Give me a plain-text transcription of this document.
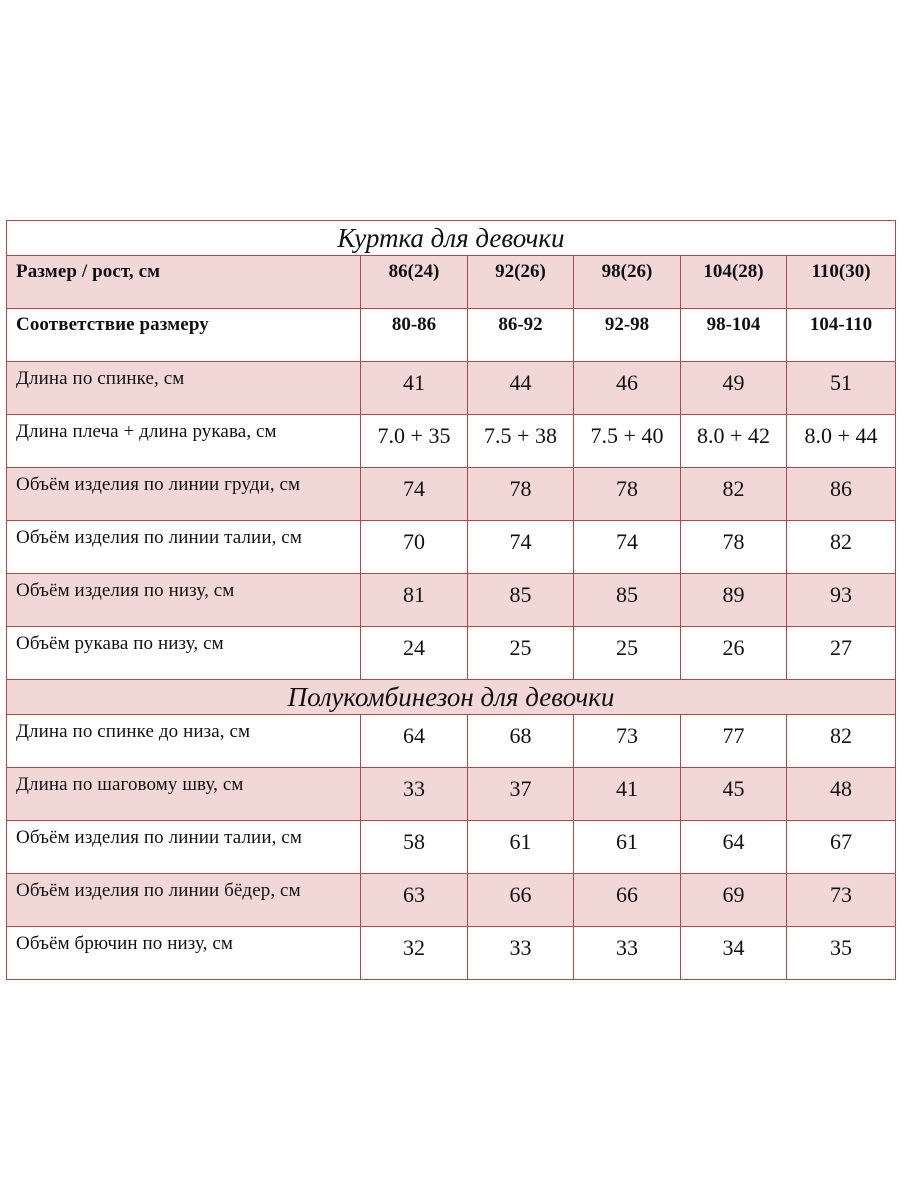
Куртка для девочки
Размер / рост, см	86(24)	92(26)	98(26)	104(28)	110(30)
Соответствие размеру	80-86	86-92	92-98	98-104	104-110
Длина по спинке, см	41	44	46	49	51
Длина плеча + длина рукава, см	7.0 + 35	7.5 + 38	7.5 + 40	8.0 + 42	8.0 + 44
Объём изделия по линии груди, см	74	78	78	82	86
Объём изделия по линии талии, см	70	74	74	78	82
Объём изделия по низу, см	81	85	85	89	93
Объём рукава по низу, см	24	25	25	26	27
Полукомбинезон для девочки
Длина по спинке до низа, см	64	68	73	77	82
Длина по шаговому шву, см	33	37	41	45	48
Объём изделия по линии талии, см	58	61	61	64	67
Объём изделия по линии бёдер, см	63	66	66	69	73
Объём брючин по низу, см	32	33	33	34	35
